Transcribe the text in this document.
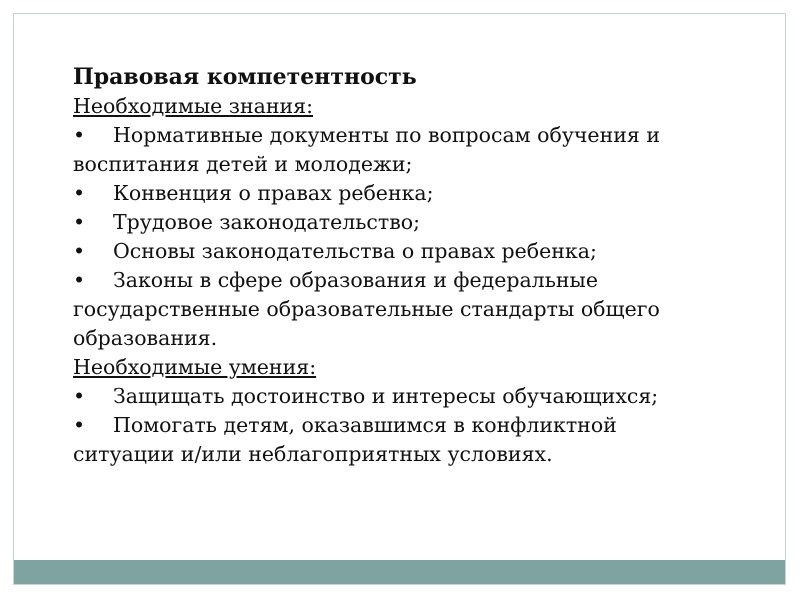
Правовая компетентность

Необходимые знания:

• Нормативные документы по вопросам обучения и

воспитания детей и молодежи;

• Конвенция о правах ребенка;

• Трудовое законодательство;

• Основы законодательства о правах ребенка;

• Законы в сфере образования и федеральные

государственные образовательные стандарты общего

образования.

Необходимые умения:

• Защищать достоинство и интересы обучающихся;

• Помогать детям, оказавшимся в конфликтной

ситуации и/или неблагоприятных условиях.
